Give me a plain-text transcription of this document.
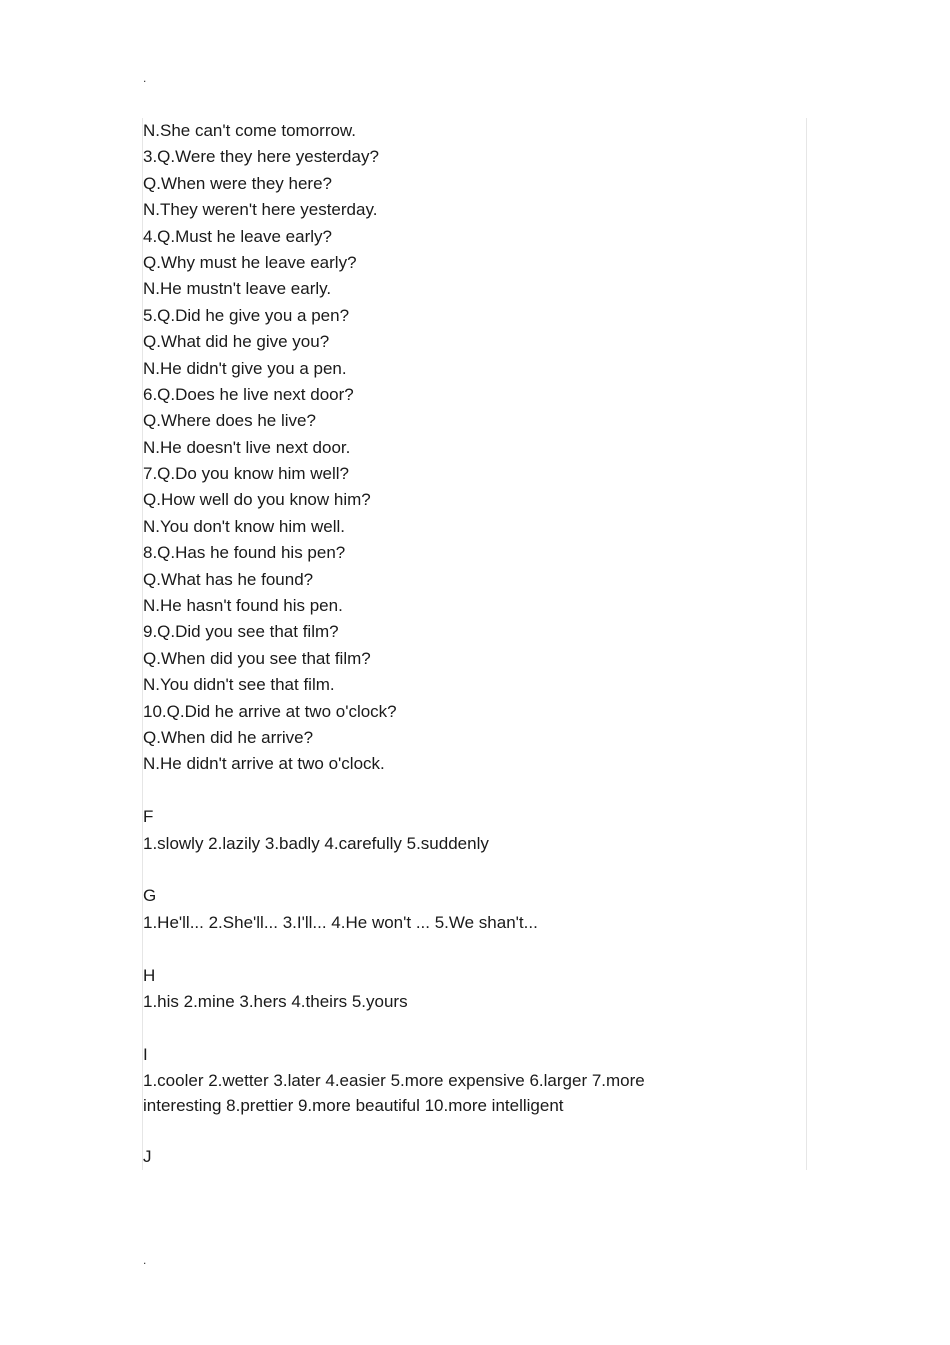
.
N.She can't come tomorrow.
3.Q.Were they here yesterday?
Q.When were they here?
N.They weren't here yesterday.
4.Q.Must he leave early?
Q.Why must he leave early?
N.He mustn't leave early.
5.Q.Did he give you a pen?
Q.What did he give you?
N.He didn't give you a pen.
6.Q.Does he live next door?
Q.Where does he live?
N.He doesn't live next door.
7.Q.Do you know him well?
Q.How well do you know him?
N.You don't know him well.
8.Q.Has he found his pen?
Q.What has he found?
N.He hasn't found his pen.
9.Q.Did you see that film?
Q.When did you see that film?
N.You didn't see that film.
10.Q.Did he arrive at two o'clock?
Q.When did he arrive?
N.He didn't arrive at two o'clock.
F
1.slowly 2.lazily 3.badly 4.carefully 5.suddenly
G
1.He'll... 2.She'll... 3.I'll... 4.He won't ... 5.We shan't...
H
1.his 2.mine 3.hers 4.theirs 5.yours
I
1.cooler 2.wetter 3.later 4.easier 5.more expensive 6.larger 7.more
interesting 8.prettier 9.more beautiful 10.more intelligent
J
.
